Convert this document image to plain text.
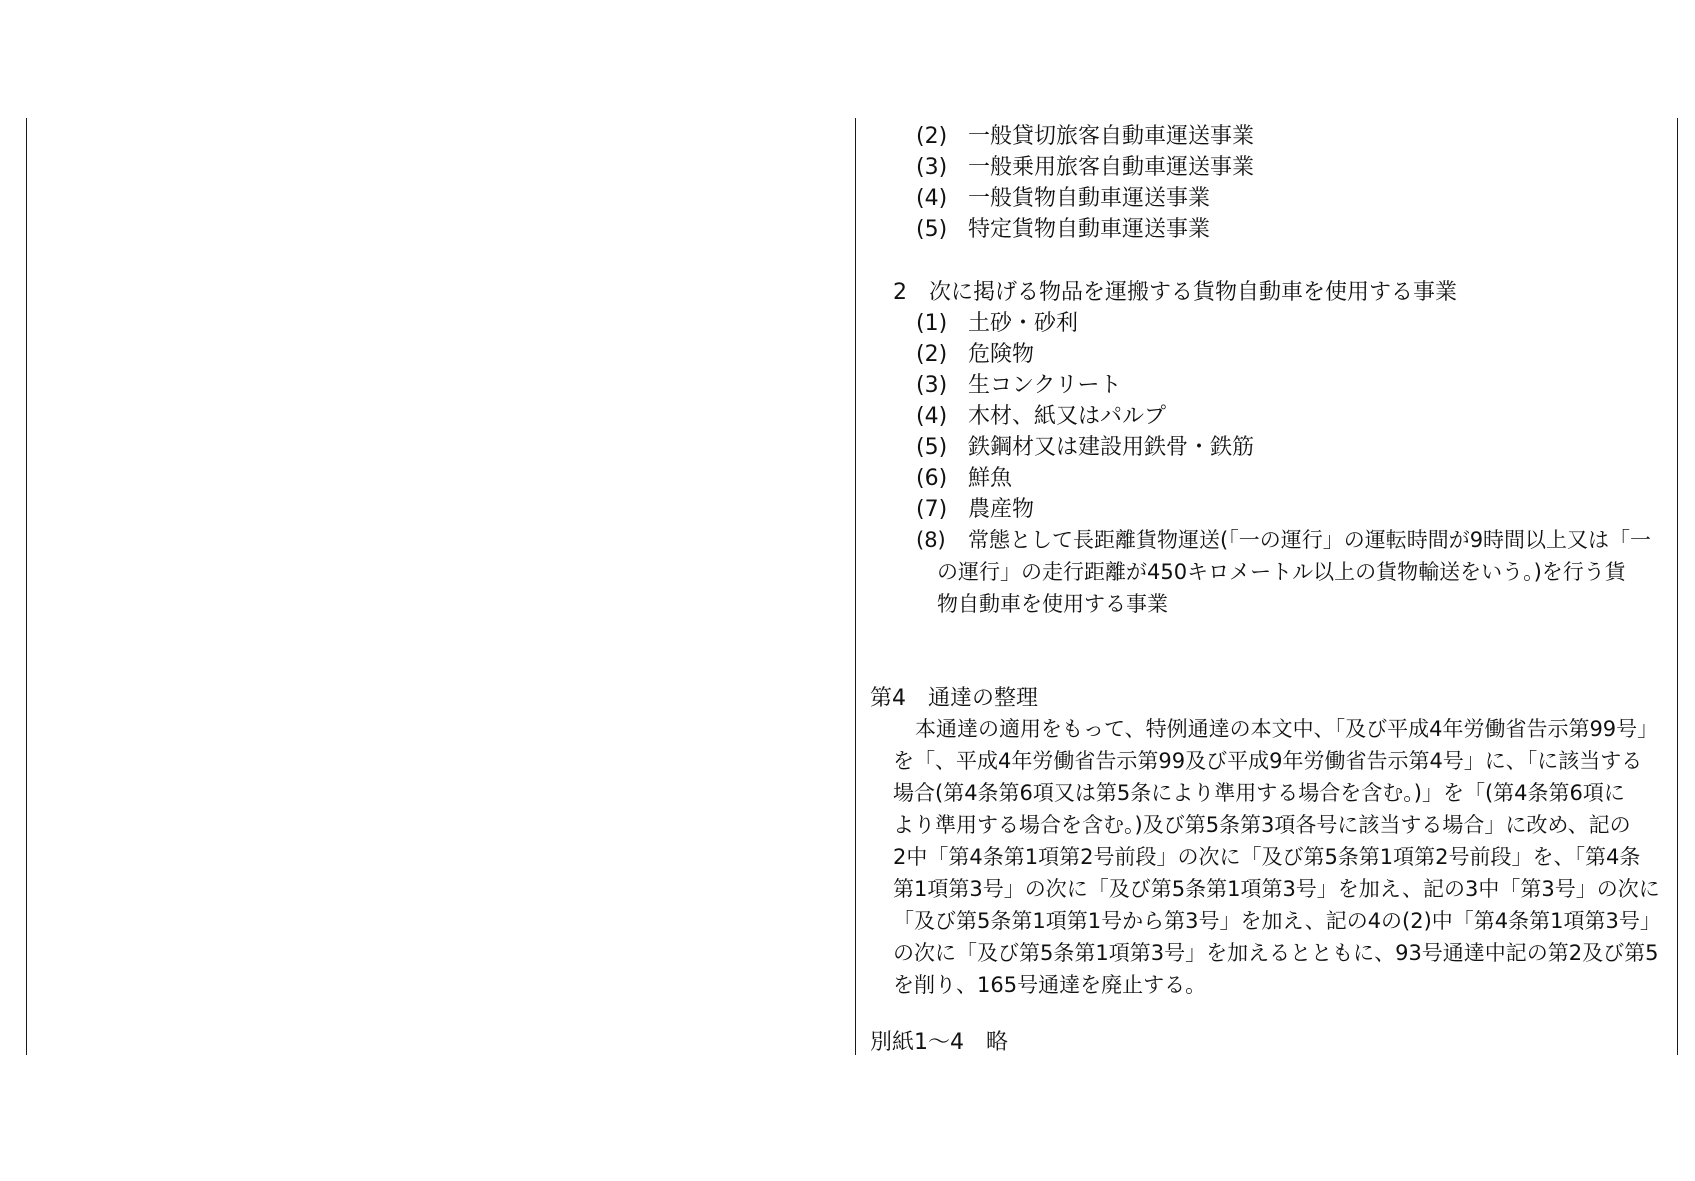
(2) 一般貸切旅客自動車運送事業
(3) 一般乗用旅客自動車運送事業
(4) 一般貨物自動車運送事業
(5) 特定貨物自動車運送事業
2　次に掲げる物品を運搬する貨物自動車を使用する事業
(1) 土砂・砂利
(2) 危険物
(3) 生コンクリート
(4) 木材、紙又はパルプ
(5) 鉄鋼材又は建設用鉄骨・鉄筋
(6) 鮮魚
(7) 農産物
(8) 常態として長距離貨物運送(「一の運行」の運転時間が9時間以上又は「一
の運行」の走行距離が450キロメートル以上の貨物輸送をいう。)を行う貨
物自動車を使用する事業
第4　通達の整理
本通達の適用をもって、特例通達の本文中、「及び平成4年労働省告示第99号」
を「、平成4年労働省告示第99及び平成9年労働省告示第4号」に、「に該当する
場合(第4条第6項又は第5条により準用する場合を含む。)」を「(第4条第6項に
より準用する場合を含む。)及び第5条第3項各号に該当する場合」に改め、記の
2中「第4条第1項第2号前段」の次に「及び第5条第1項第2号前段」を、「第4条
第1項第3号」の次に「及び第5条第1項第3号」を加え、記の3中「第3号」の次に
「及び第5条第1項第1号から第3号」を加え、記の4の(2)中「第4条第1項第3号」
の次に「及び第5条第1項第3号」を加えるとともに、93号通達中記の第2及び第5
を削り、165号通達を廃止する。
別紙1～4　略
